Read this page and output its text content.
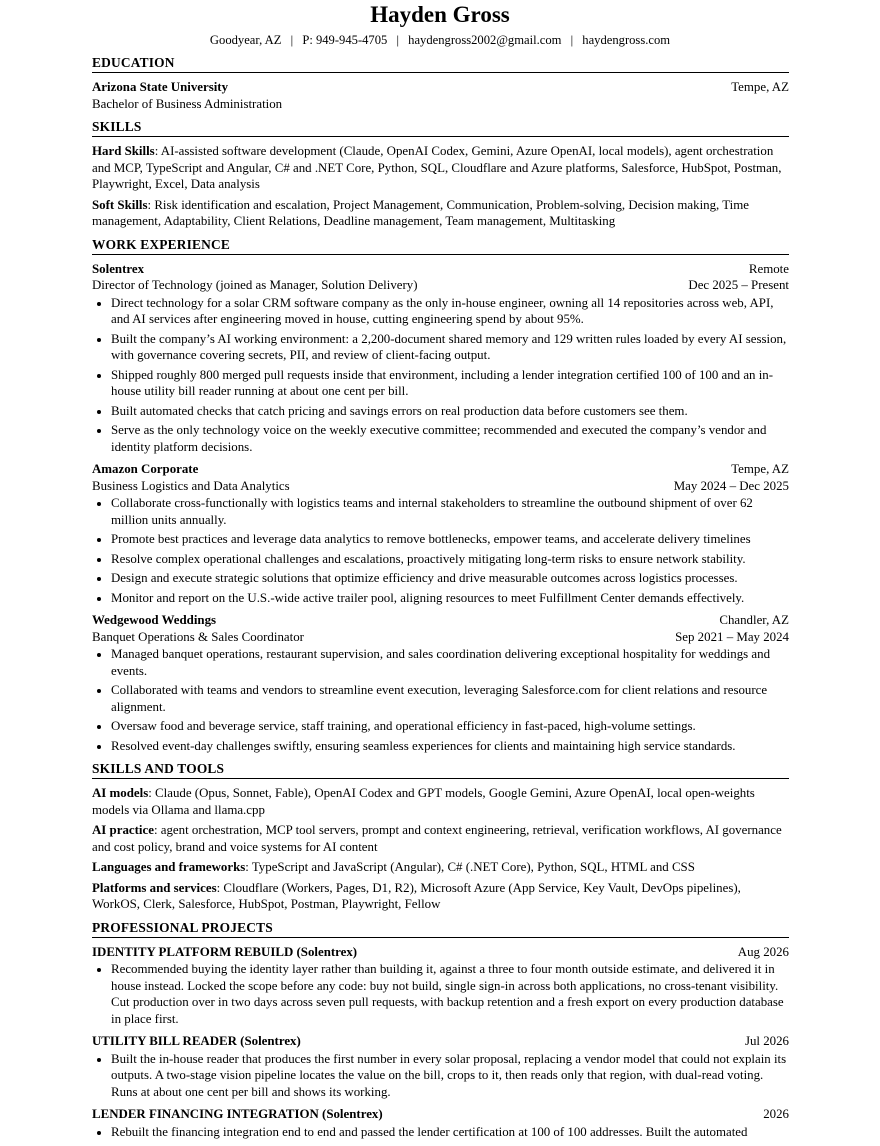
Hayden Gross
Goodyear, AZ | P: 949-945-4705 | haydengross2002@gmail.com | haydengross.com
EDUCATION
Arizona State University	Tempe, AZ
Bachelor of Business Administration
SKILLS

Hard Skills: AI-assisted software development (Claude, OpenAI Codex, Gemini, Azure OpenAI, local models), agent orchestration and MCP, TypeScript and Angular, C# and .NET Core, Python, SQL, Cloudflare and Azure platforms, Salesforce, HubSpot, Postman, Playwright, Excel, Data analysis

Soft Skills: Risk identification and escalation, Project Management, Communication, Problem-solving, Decision making, Time management, Adaptability, Client Relations, Deadline management, Team management, Multitasking

WORK EXPERIENCE
Solentrex	Remote
Director of Technology (joined as Manager, Solution Delivery)	Dec 2025 – Present
• Direct technology for a solar CRM software company as the only in-house engineer, owning all 14 repositories across web, API, and AI services after engineering moved in house, cutting engineering spend by about 95%.
• Built the company’s AI working environment: a 2,200-document shared memory and 129 written rules loaded by every AI session, with governance covering secrets, PII, and review of client-facing output.
• Shipped roughly 800 merged pull requests inside that environment, including a lender integration certified 100 of 100 and an in-house utility bill reader running at about one cent per bill.
• Built automated checks that catch pricing and savings errors on real production data before customers see them.
• Serve as the only technology voice on the weekly executive committee; recommended and executed the company’s vendor and identity platform decisions.
Amazon Corporate	Tempe, AZ
Business Logistics and Data Analytics	May 2024 – Dec 2025
• Collaborate cross-functionally with logistics teams and internal stakeholders to streamline the outbound shipment of over 62 million units annually.
• Promote best practices and leverage data analytics to remove bottlenecks, empower teams, and accelerate delivery timelines
• Resolve complex operational challenges and escalations, proactively mitigating long-term risks to ensure network stability.
• Design and execute strategic solutions that optimize efficiency and drive measurable outcomes across logistics processes.
• Monitor and report on the U.S.-wide active trailer pool, aligning resources to meet Fulfillment Center demands effectively.
Wedgewood Weddings	Chandler, AZ
Banquet Operations & Sales Coordinator	Sep 2021 – May 2024
• Managed banquet operations, restaurant supervision, and sales coordination delivering exceptional hospitality for weddings and events.
• Collaborated with teams and vendors to streamline event execution, leveraging Salesforce.com for client relations and resource alignment.
• Oversaw food and beverage service, staff training, and operational efficiency in fast-paced, high-volume settings.
• Resolved event-day challenges swiftly, ensuring seamless experiences for clients and maintaining high service standards.
SKILLS AND TOOLS

AI models: Claude (Opus, Sonnet, Fable), OpenAI Codex and GPT models, Google Gemini, Azure OpenAI, local open-weights models via Ollama and llama.cpp

AI practice: agent orchestration, MCP tool servers, prompt and context engineering, retrieval, verification workflows, AI governance and cost policy, brand and voice systems for AI content

Languages and frameworks: TypeScript and JavaScript (Angular), C# (.NET Core), Python, SQL, HTML and CSS

Platforms and services: Cloudflare (Workers, Pages, D1, R2), Microsoft Azure (App Service, Key Vault, DevOps pipelines), WorkOS, Clerk, Salesforce, HubSpot, Postman, Playwright, Fellow

PROFESSIONAL PROJECTS
IDENTITY PLATFORM REBUILD (Solentrex)	Aug 2026
• Recommended buying the identity layer rather than building it, against a three to four month outside estimate, and delivered it in house instead. Locked the scope before any code: buy not build, single sign-in across both applications, no cross-tenant visibility. Cut production over in two days across seven pull requests, with backup retention and a fresh export on every production database in place first.
UTILITY BILL READER (Solentrex)	Jul 2026
• Built the in-house reader that produces the first number in every solar proposal, replacing a vendor model that could not explain its outputs. A two-stage vision pipeline locates the value on the bill, crops to it, then reads only that region, with dual-read voting. Runs at about one cent per bill and shows its working.
LENDER FINANCING INTEGRATION (Solentrex)	2026
• Rebuilt the financing integration end to end and passed the lender certification at 100 of 100 addresses. Built the automated
